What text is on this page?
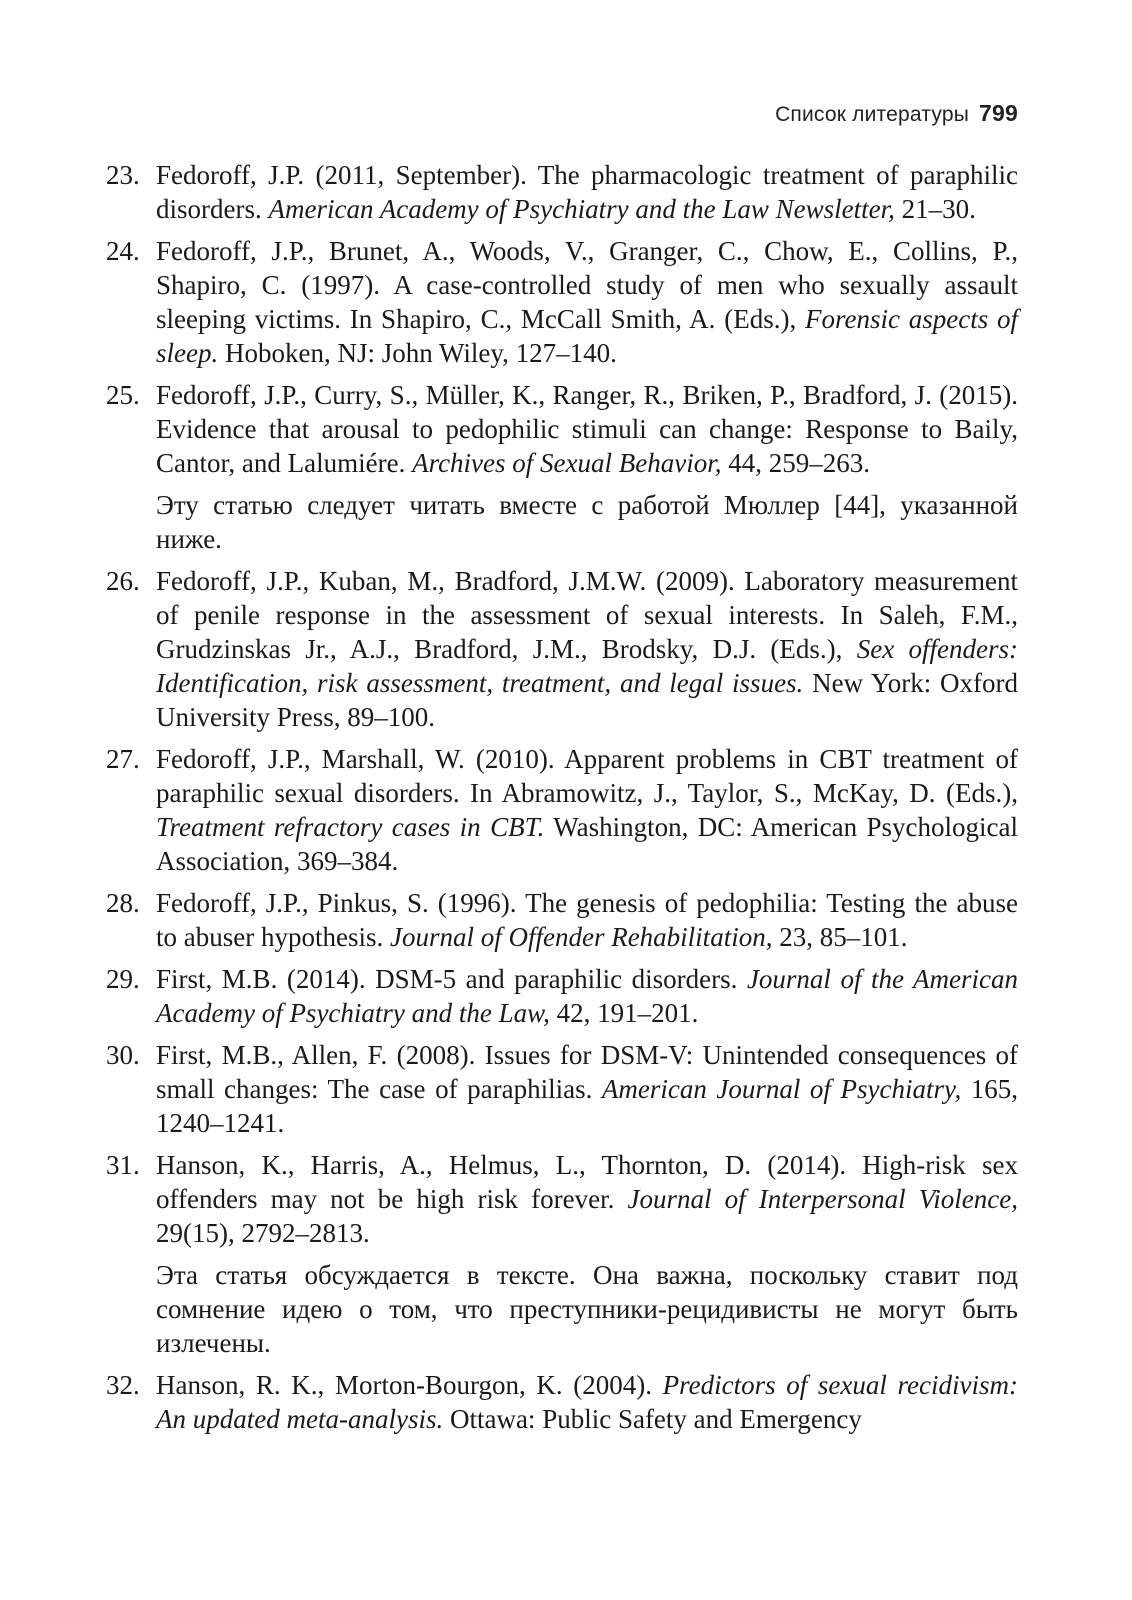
Список литературы 799
23. Fedoroff, J.P. (2011, September). The pharmacologic treatment of paraphilic disorders. American Academy of Psychiatry and the Law Newsletter, 21–30.
24. Fedoroff, J.P., Brunet, A., Woods, V., Granger, C., Chow, E., Collins, P., Shapiro, C. (1997). A case-controlled study of men who sexually assault sleeping victims. In Shapiro, C., McCall Smith, A. (Eds.), Forensic aspects of sleep. Hoboken, NJ: John Wiley, 127–140.
25. Fedoroff, J.P., Curry, S., Müller, K., Ranger, R., Briken, P., Bradford, J. (2015). Evidence that arousal to pedophilic stimuli can change: Response to Baily, Cantor, and Lalumiére. Archives of Sexual Behavior, 44, 259–263.
Эту статью следует читать вместе с работой Мюллер [44], указанной ниже.
26. Fedoroff, J.P., Kuban, M., Bradford, J.M.W. (2009). Laboratory measurement of penile response in the assessment of sexual interests. In Saleh, F.M., Grudzinskas Jr., A.J., Bradford, J.M., Brodsky, D.J. (Eds.), Sex offenders: Identification, risk assessment, treatment, and legal issues. New York: Oxford University Press, 89–100.
27. Fedoroff, J.P., Marshall, W. (2010). Apparent problems in CBT treatment of paraphilic sexual disorders. In Abramowitz, J., Taylor, S., McKay, D. (Eds.), Treatment refractory cases in CBT. Washington, DC: American Psychological Association, 369–384.
28. Fedoroff, J.P., Pinkus, S. (1996). The genesis of pedophilia: Testing the abuse to abuser hypothesis. Journal of Offender Rehabilitation, 23, 85–101.
29. First, M.B. (2014). DSM-5 and paraphilic disorders. Journal of the American Academy of Psychiatry and the Law, 42, 191–201.
30. First, M.B., Allen, F. (2008). Issues for DSM-V: Unintended consequences of small changes: The case of paraphilias. American Journal of Psychiatry, 165, 1240–1241.
31. Hanson, K., Harris, A., Helmus, L., Thornton, D. (2014). High-risk sex offenders may not be high risk forever. Journal of Interpersonal Violence, 29(15), 2792–2813.
Эта статья обсуждается в тексте. Она важна, поскольку ставит под сомнение идею о том, что преступники-рецидивисты не могут быть излечены.
32. Hanson, R. K., Morton-Bourgon, K. (2004). Predictors of sexual recidivism: An updated meta-analysis. Ottawa: Public Safety and Emergency
